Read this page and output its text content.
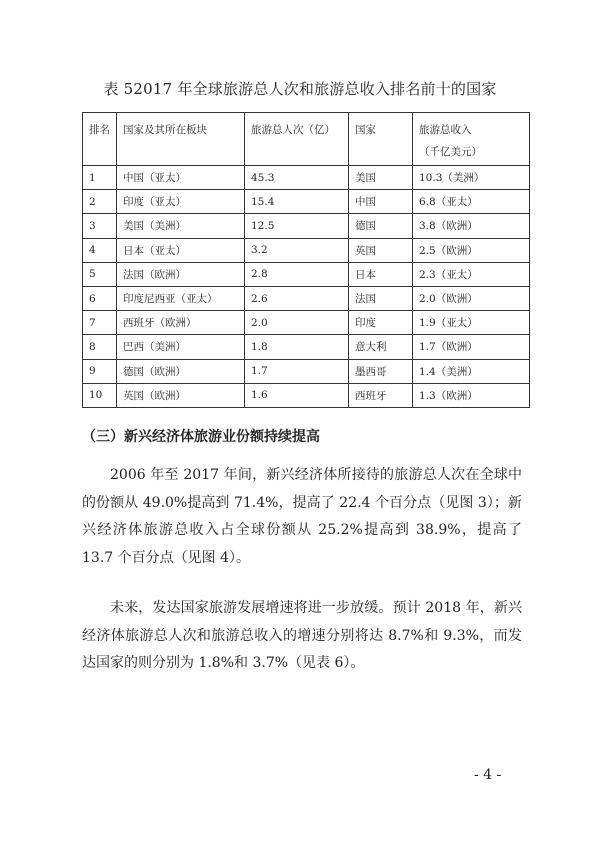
表 52017 年全球旅游总人次和旅游总收入排名前十的国家
排名	国家及其所在板块	旅游总人次（亿）	国家	旅游总收入
（千亿美元）

1	中国（亚太）	45.3	美国	10.3（美洲）
2	印度（亚太）	15.4	中国	6.8（亚太）
3	美国（美洲）	12.5	德国	3.8（欧洲）
4	日本（亚太）	3.2	英国	2.5（欧洲）
5	法国（欧洲）	2.8	日本	2.3（亚太）
6	印度尼西亚（亚太）	2.6	法国	2.0（欧洲）
7	西班牙（欧洲）	2.0	印度	1.9（亚太）
8	巴西（美洲）	1.8	意大利	1.7（欧洲）
9	德国（欧洲）	1.7	墨西哥	1.4（美洲）
10	英国（欧洲）	1.6	西班牙	1.3（欧洲）
（三）新兴经济体旅游业份额持续提高
2006 年至 2017 年间，新兴经济体所接待的旅游总人次在全球中的份额从 49.0%提高到 71.4%，提高了 22.4 个百分点（见图 3）；新兴经济体旅游总收入占全球份额从 25.2%提高到 38.9%，提高了 13.7 个百分点（见图 4）。
未来，发达国家旅游发展增速将进一步放缓。预计 2018 年，新兴经济体旅游总人次和旅游总收入的增速分别将达 8.7%和 9.3%，而发达国家的则分别为 1.8%和 3.7%（见表 6）。
- 4 -
